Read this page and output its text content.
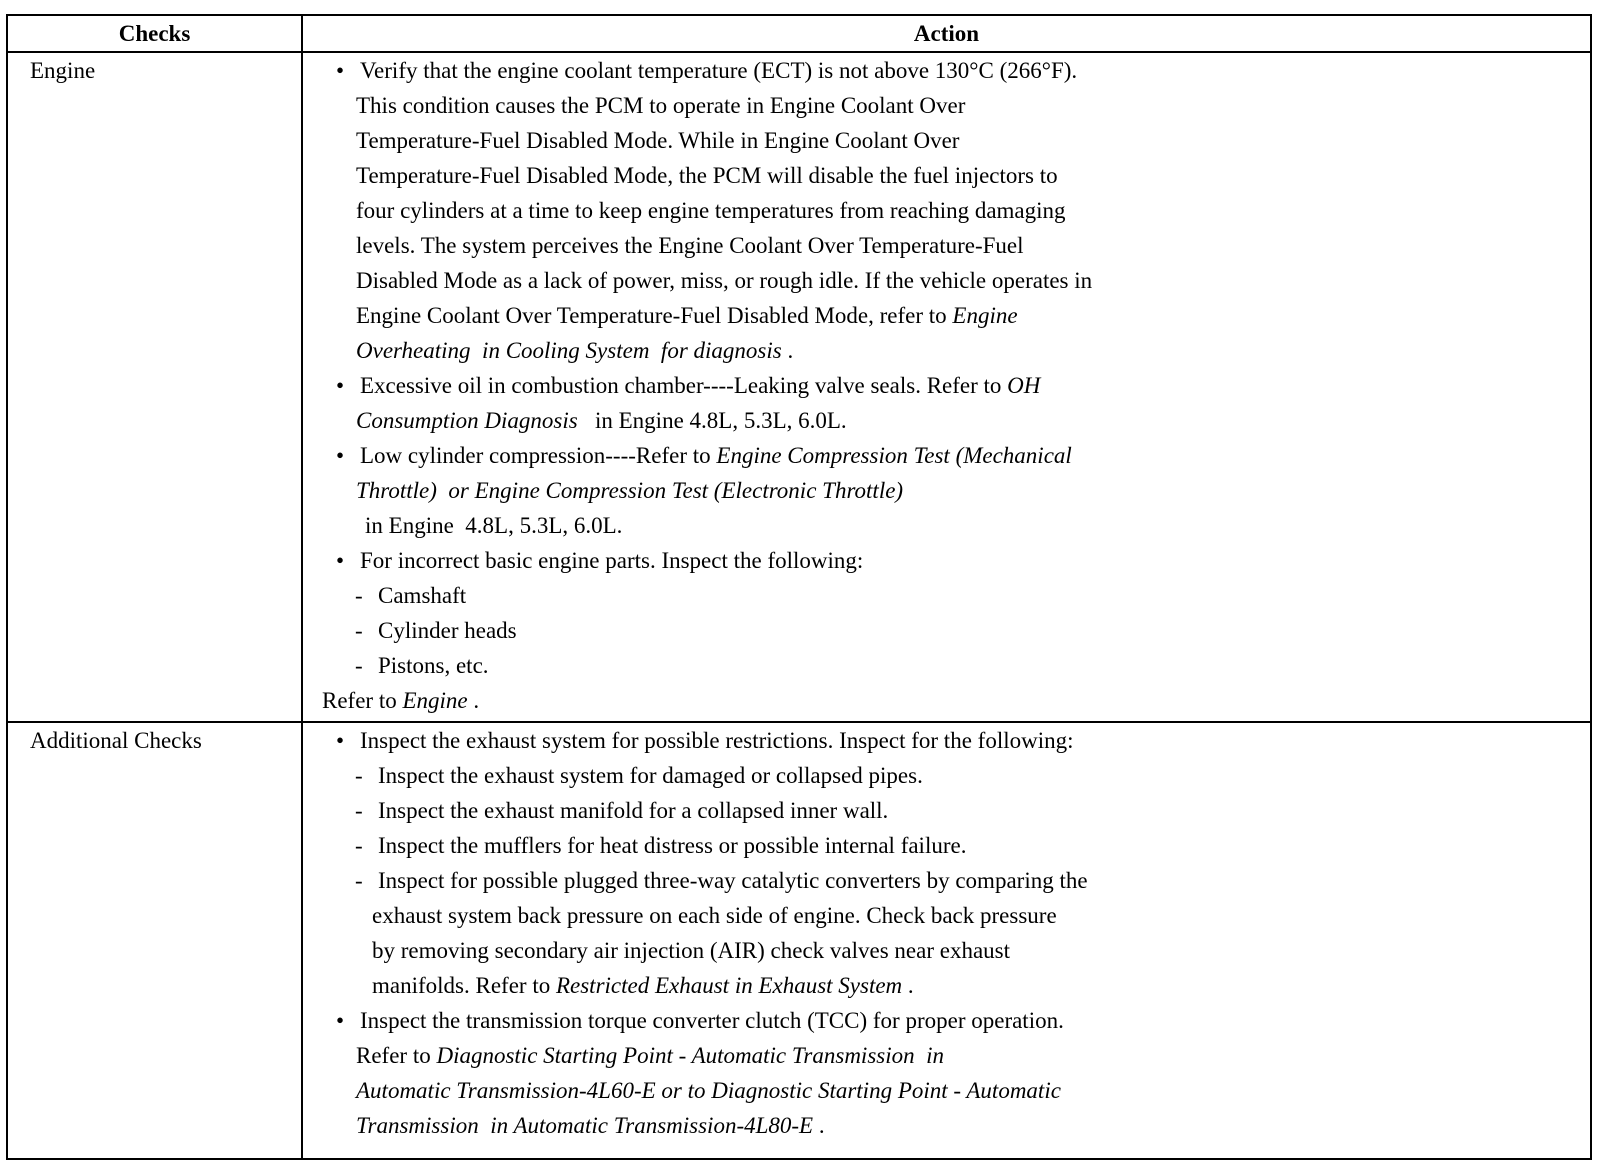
Checks	Action
Engine	• Verify that the engine coolant temperature (ECT) is not above 130°C (266°F).
This condition causes the PCM to operate in Engine Coolant Over
Temperature-Fuel Disabled Mode. While in Engine Coolant Over
Temperature-Fuel Disabled Mode, the PCM will disable the fuel injectors to
four cylinders at a time to keep engine temperatures from reaching damaging
levels. The system perceives the Engine Coolant Over Temperature-Fuel
Disabled Mode as a lack of power, miss, or rough idle. If the vehicle operates in
Engine Coolant Over Temperature-Fuel Disabled Mode, refer to Engine
Overheating  in Cooling System  for diagnosis .
• Excessive oil in combustion chamber----Leaking valve seals. Refer to OH
Consumption Diagnosis   in Engine 4.8L, 5.3L, 6.0L.
• Low cylinder compression----Refer to Engine Compression Test (Mechanical
Throttle)  or Engine Compression Test (Electronic Throttle)
in Engine  4.8L, 5.3L, 6.0L.
• For incorrect basic engine parts. Inspect the following:
- Camshaft
- Cylinder heads
- Pistons, etc.
Refer to Engine .
Additional Checks	• Inspect the exhaust system for possible restrictions. Inspect for the following:
- Inspect the exhaust system for damaged or collapsed pipes.
- Inspect the exhaust manifold for a collapsed inner wall.
- Inspect the mufflers for heat distress or possible internal failure.
- Inspect for possible plugged three-way catalytic converters by comparing the
exhaust system back pressure on each side of engine. Check back pressure
by removing secondary air injection (AIR) check valves near exhaust
manifolds. Refer to Restricted Exhaust in Exhaust System .
• Inspect the transmission torque converter clutch (TCC) for proper operation.
Refer to Diagnostic Starting Point - Automatic Transmission  in
Automatic Transmission-4L60-E or to Diagnostic Starting Point - Automatic
Transmission  in Automatic Transmission-4L80-E .
